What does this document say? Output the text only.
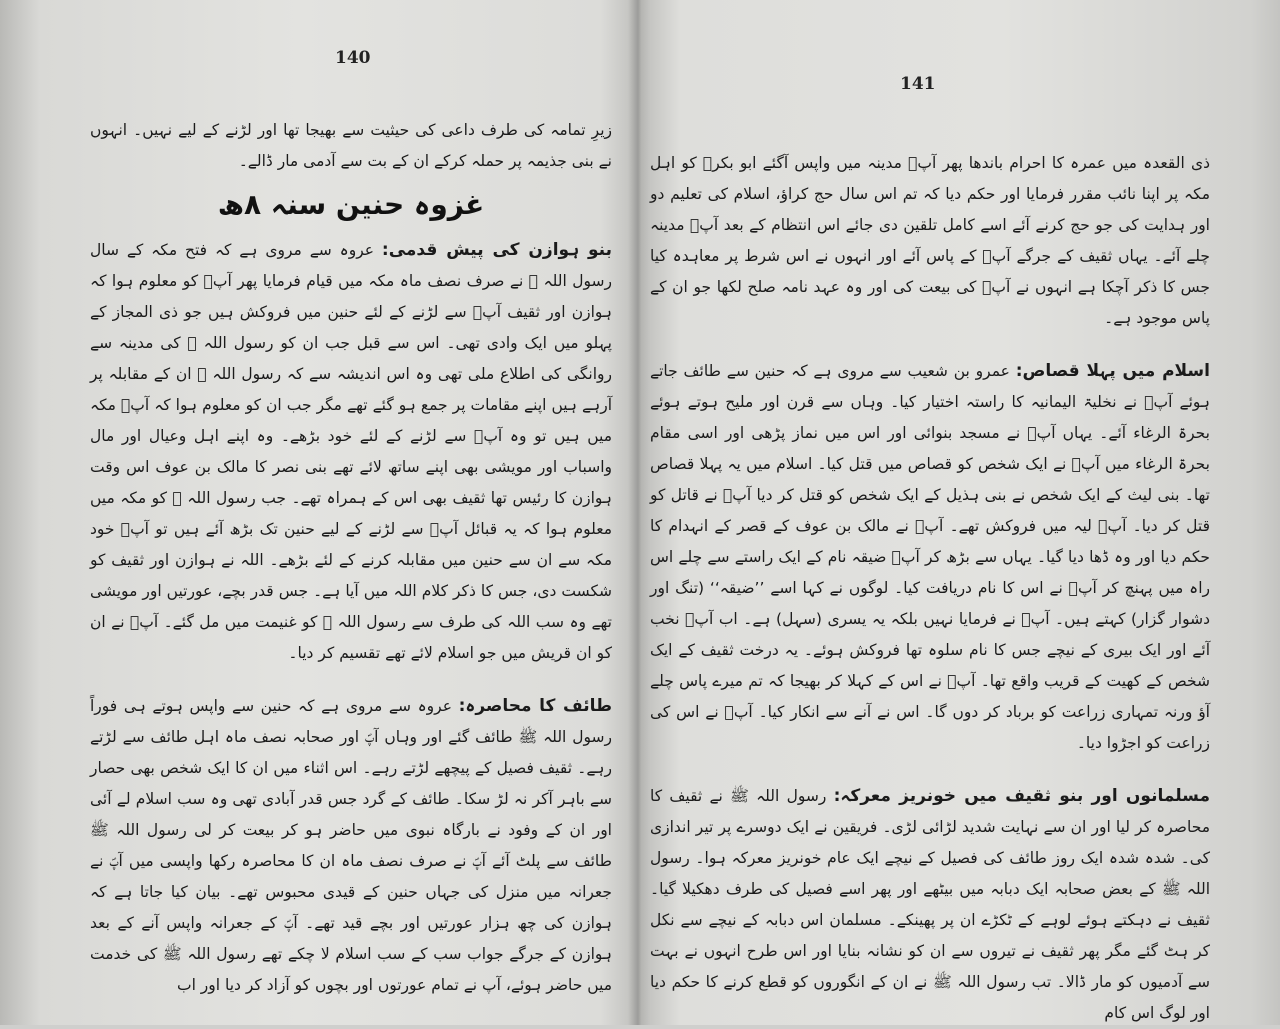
140

زیرِ تمامہ کی طرف داعی کی حیثیت سے بھیجا تھا اور لڑنے کے لیے نہیں۔ انہوں نے بنی جذیمہ پر حملہ کرکے ان کے بت سے آدمی مار ڈالے۔

غزوہ حنین سنہ ۸ھ

بنو ہوازن کی پیش قدمی: عروہ سے مروی ہے کہ فتح مکہ کے سال رسول اللہ ﷺ نے صرف نصف ماہ مکہ میں قیام فرمایا پھر آپؐ کو معلوم ہوا کہ ہوازن اور ثقیف آپؐ سے لڑنے کے لئے حنین میں فروکش ہیں جو ذی المجاز کے پہلو میں ایک وادی تھی۔ اس سے قبل جب ان کو رسول اللہ ﷺ کی مدینہ سے روانگی کی اطلاع ملی تھی وہ اس اندیشہ سے کہ رسول اللہ ﷺ ان کے مقابلہ پر آرہے ہیں اپنے مقامات پر جمع ہو گئے تھے مگر جب ان کو معلوم ہوا کہ آپؐ مکہ میں ہیں تو وہ آپؐ سے لڑنے کے لئے خود بڑھے۔ وہ اپنے اہل وعیال اور مال واسباب اور مویشی بھی اپنے ساتھ لائے تھے بنی نصر کا مالک بن عوف اس وقت ہوازن کا رئیس تھا ثقیف بھی اس کے ہمراہ تھے۔ جب رسول اللہ ﷺ کو مکہ میں معلوم ہوا کہ یہ قبائل آپؐ سے لڑنے کے لیے حنین تک بڑھ آئے ہیں تو آپؐ خود مکہ سے ان سے حنین میں مقابلہ کرنے کے لئے بڑھے۔ اللہ نے ہوازن اور ثقیف کو شکست دی، جس کا ذکر کلام اللہ میں آیا ہے۔ جس قدر بچے، عورتیں اور مویشی تھے وہ سب اللہ کی طرف سے رسول اللہ ﷺ کو غنیمت میں مل گئے۔ آپؐ نے ان کو ان قریش میں جو اسلام لائے تھے تقسیم کر دیا۔

طائف کا محاصرہ: عروہ سے مروی ہے کہ حنین سے واپس ہوتے ہی فوراً رسول اللہ ﷺ طائف گئے اور وہاں آپؐ اور صحابہ نصف ماہ اہل طائف سے لڑتے رہے۔ ثقیف فصیل کے پیچھے لڑتے رہے۔ اس اثناء میں ان کا ایک شخص بھی حصار سے باہر آکر نہ لڑ سکا۔ طائف کے گرد جس قدر آبادی تھی وہ سب اسلام لے آئی اور ان کے وفود نے بارگاہ نبوی میں حاضر ہو کر بیعت کر لی رسول اللہ ﷺ طائف سے پلٹ آئے آپؐ نے صرف نصف ماہ ان کا محاصرہ رکھا واپسی میں آپؐ نے جعرانہ میں منزل کی جہاں حنین کے قیدی محبوس تھے۔ بیان کیا جاتا ہے کہ ہوازن کی چھ ہزار عورتیں اور بچے قید تھے۔ آپؐ کے جعرانہ واپس آنے کے بعد ہوازن کے جرگے جواب سب کے سب اسلام لا چکے تھے رسول اللہ ﷺ کی خدمت میں حاضر ہوئے، آپ نے تمام عورتوں اور بچوں کو آزاد کر دیا اور اب

141

ذی القعدہ میں عمرہ کا احرام باندھا پھر آپؐ مدینہ میں واپس آگئے ابو بکرؓ کو اہل مکہ پر اپنا نائب مقرر فرمایا اور حکم دیا کہ تم اس سال حج کراؤ، اسلام کی تعلیم دو اور ہدایت کی جو حج کرنے آئے اسے کامل تلقین دی جائے اس انتظام کے بعد آپؐ مدینہ چلے آئے۔ یہاں ثقیف کے جرگے آپؐ کے پاس آئے اور انہوں نے اس شرط پر معاہدہ کیا جس کا ذکر آچکا ہے انہوں نے آپؐ کی بیعت کی اور وہ عہد نامہ صلح لکھا جو ان کے پاس موجود ہے۔

اسلام میں پہلا قصاص: عمرو بن شعیب سے مروی ہے کہ حنین سے طائف جاتے ہوئے آپؐ نے نخلیۃ الیمانیہ کا راستہ اختیار کیا۔ وہاں سے قرن اور ملیح ہوتے ہوئے بحرۃ الرغاء آئے۔ یہاں آپؐ نے مسجد بنوائی اور اس میں نماز پڑھی اور اسی مقام بحرۃ الرغاء میں آپؐ نے ایک شخص کو قصاص میں قتل کیا۔ اسلام میں یہ پہلا قصاص تھا۔ بنی لیث کے ایک شخص نے بنی ہذیل کے ایک شخص کو قتل کر دیا آپؐ نے قاتل کو قتل کر دیا۔ آپؐ لیہ میں فروکش تھے۔ آپؐ نے مالک بن عوف کے قصر کے انہدام کا حکم دیا اور وہ ڈھا دیا گیا۔ یہاں سے بڑھ کر آپؐ ضیقہ نام کے ایک راستے سے چلے اس راہ میں پہنچ کر آپؐ نے اس کا نام دریافت کیا۔ لوگوں نے کہا اسے ’’ضیقہ‘‘ (تنگ اور دشوار گزار) کہتے ہیں۔ آپؐ نے فرمایا نہیں بلکہ یہ یسری (سہل) ہے۔ اب آپؐ نخب آئے اور ایک بیری کے نیچے جس کا نام سلوہ تھا فروکش ہوئے۔ یہ درخت ثقیف کے ایک شخص کے کھیت کے قریب واقع تھا۔ آپؐ نے اس کے کہلا کر بھیجا کہ تم میرے پاس چلے آؤ ورنہ تمہاری زراعت کو برباد کر دوں گا۔ اس نے آنے سے انکار کیا۔ آپؐ نے اس کی زراعت کو اجڑوا دیا۔

مسلمانوں اور بنو ثقیف میں خونریز معرکہ: رسول اللہ ﷺ نے ثقیف کا محاصرہ کر لیا اور ان سے نہایت شدید لڑائی لڑی۔ فریقین نے ایک دوسرے پر تیر اندازی کی۔ شدہ شدہ ایک روز طائف کی فصیل کے نیچے ایک عام خونریز معرکہ ہوا۔ رسول اللہ ﷺ کے بعض صحابہ ایک دبابہ میں بیٹھے اور پھر اسے فصیل کی طرف دھکیلا گیا۔ ثقیف نے دہکتے ہوئے لوہے کے ٹکڑے ان پر پھینکے۔ مسلمان اس دبابہ کے نیچے سے نکل کر ہٹ گئے مگر پھر ثقیف نے تیروں سے ان کو نشانہ بنایا اور اس طرح انہوں نے بہت سے آدمیوں کو مار ڈالا۔ تب رسول اللہ ﷺ نے ان کے انگوروں کو قطع کرنے کا حکم دیا اور لوگ اس کام
